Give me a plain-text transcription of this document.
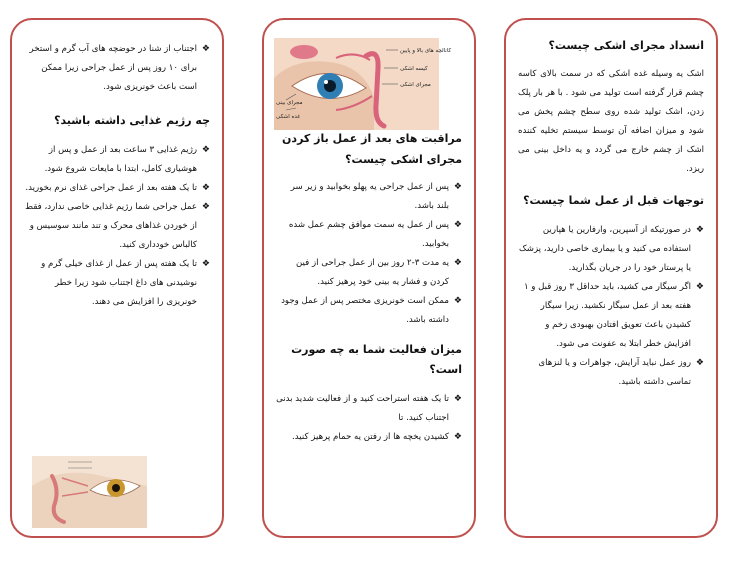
انسداد مجرای اشکی چیست؟

اشک یه وسیله غده اشکی که در سمت بالای کاسه چشم قرار گرفته است تولید می شود . با هر بار پلک زدن، اشک تولید شده روی سطح چشم پخش می شود و میزان اضافه آن توسط سیستم تخلیه کننده اشک از چشم خارج می گردد و یه داخل بینی می ریزد.

توجهات قبل از عمل شما چیست؟
❖
در صورتیکه از آسپرین، وارفارین یا هپارین استفاده می کنید و یا بیماری خاصی دارید، پزشک یا پرستار خود را در جریان بگذارید.
❖
اگر سیگار می کشید، باید حداقل ۳ روز قبل و ۱ هفته بعد از عمل سیگار نکشید. زیرا سیگار کشیدن باعث تعویق افتادن بهبودی زخم و افزایش خطر ابتلا به عفونت می شود.
❖
روز عمل نباید آرایش، جواهرات و یا لنزهای تماسی داشته باشید.
کانالچه های بالا و پایین
کیسه اشکی
مجرای اشکی
مجرای بینی
غده اشکی
مراقبت های بعد از عمل باز کردن مجرای اشکی چیست؟
❖
پس از عمل جراحی یه پهلو بخوابید و زیر سر بلند باشد.
❖
پس از عمل یه سمت موافق چشم عمل شده بخوابید.
❖
یه مدت ۳-۲ روز بین از عمل جراحی از فین کردن و فشار یه بینی خود پرهیز کنید.
❖
ممکن است خونریزی مختصر پس از عمل وجود داشته باشد.
میزان فعالیت شما به چه صورت است؟
❖
تا یک هفته استراحت کنید و از فعالیت شدید بدنی اجتناب کنید. تا
❖
کشیدن یخچه ها از رفتن یه حمام پرهیز کنید.
❖
اجتناب از شنا در حوضچه های آب گرم و استخر برای ۱۰ روز پس از عمل جراحی زیرا ممکن است باعث خونریزی شود.
چه رژیم غذایی داشته باشید؟
❖
رژیم غذایی ۳ ساعت بعد از عمل و پس از هوشیاری کامل، ابتدا با مایعات شروع شود.
❖
تا یک هفته بعد از عمل جراحی غذای نرم بخورید.
❖
عمل جراحی شما رژیم غذایی خاصی ندارد، فقط از خوردن غذاهای محرک و تند مانند سوسیس و کالباس خودداری کنید.
❖
تا یک هفته پس از عمل از غذای خیلی گرم و نوشیدنی های داغ اجتناب شود زیرا خطر خونریزی را افزایش می دهند.
